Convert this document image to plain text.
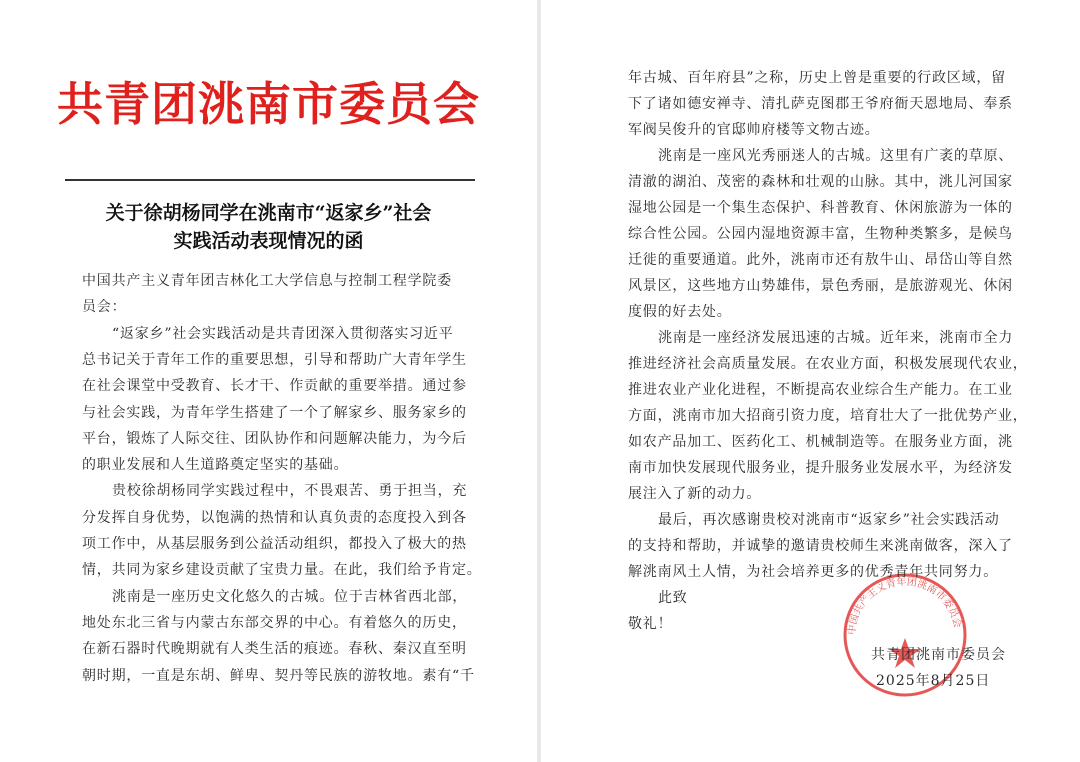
共青团洮南市委员会
关于徐胡杨同学在洮南市“返家乡”社会
实践活动表现情况的函
中国共产主义青年团吉林化工大学信息与控制工程学院委
员会：
“返家乡”社会实践活动是共青团深入贯彻落实习近平
总书记关于青年工作的重要思想，引导和帮助广大青年学生
在社会课堂中受教育、长才干、作贡献的重要举措。通过参
与社会实践，为青年学生搭建了一个了解家乡、服务家乡的
平台，锻炼了人际交往、团队协作和问题解决能力，为今后
的职业发展和人生道路奠定坚实的基础。
贵校徐胡杨同学实践过程中，不畏艰苦、勇于担当，充
分发挥自身优势，以饱满的热情和认真负责的态度投入到各
项工作中，从基层服务到公益活动组织，都投入了极大的热
情，共同为家乡建设贡献了宝贵力量。在此，我们给予肯定。
洮南是一座历史文化悠久的古城。位于吉林省西北部，
地处东北三省与内蒙古东部交界的中心。有着悠久的历史，
在新石器时代晚期就有人类生活的痕迹。春秋、秦汉直至明
朝时期，一直是东胡、鲜卑、契丹等民族的游牧地。素有“千
中国共产主义青年团洮南市委员会
年古城、百年府县”之称，历史上曾是重要的行政区域，留
下了诸如德安禅寺、清扎萨克图郡王爷府衙天恩地局、奉系
军阀吴俊升的官邸帅府楼等文物古迹。
洮南是一座风光秀丽迷人的古城。这里有广袤的草原、
清澈的湖泊、茂密的森林和壮观的山脉。其中，洮儿河国家
湿地公园是一个集生态保护、科普教育、休闲旅游为一体的
综合性公园。公园内湿地资源丰富，生物种类繁多，是候鸟
迁徙的重要通道。此外，洮南市还有敖牛山、昂岱山等自然
风景区，这些地方山势雄伟，景色秀丽，是旅游观光、休闲
度假的好去处。
洮南是一座经济发展迅速的古城。近年来，洮南市全力
推进经济社会高质量发展。在农业方面，积极发展现代农业，
推进农业产业化进程，不断提高农业综合生产能力。在工业
方面，洮南市加大招商引资力度，培育壮大了一批优势产业，
如农产品加工、医药化工、机械制造等。在服务业方面，洮
南市加快发展现代服务业，提升服务业发展水平，为经济发
展注入了新的动力。
最后，再次感谢贵校对洮南市“返家乡”社会实践活动
的支持和帮助，并诚挚的邀请贵校师生来洮南做客，深入了
解洮南风土人情，为社会培养更多的优秀青年共同努力。
此致
敬礼！
共青团洮南市委员会
2025年8月25日
